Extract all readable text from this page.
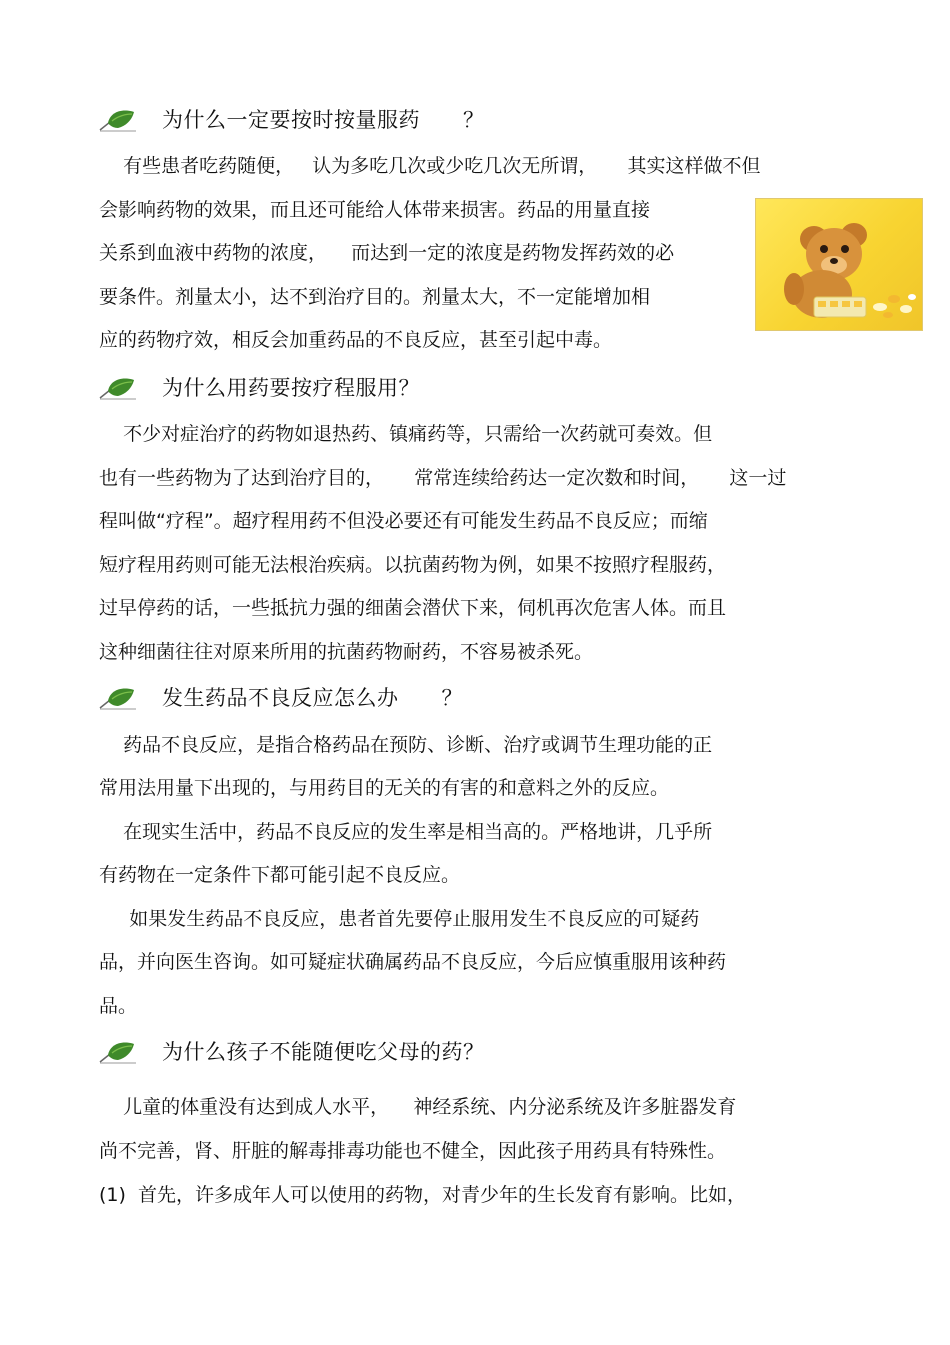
为什么一定要按时按量服药      ？
有些患者吃药随便，   认为多吃几次或少吃几次无所谓，     其实这样做不但
会影响药物的效果，而且还可能给人体带来损害。药品的用量直接
关系到血液中药物的浓度，    而达到一定的浓度是药物发挥药效的必
要条件。剂量太小，达不到治疗目的。剂量太大，不一定能增加相
应的药物疗效，相反会加重药品的不良反应，甚至引起中毒。
为什么用药要按疗程服用？
不少对症治疗的药物如退热药、镇痛药等，只需给一次药就可奏效。但
也有一些药物为了达到治疗目的，     常常连续给药达一定次数和时间，     这一过
程叫做“疗程”。超疗程用药不但没必要还有可能发生药品不良反应；而缩
短疗程用药则可能无法根治疾病。以抗菌药物为例，如果不按照疗程服药，
过早停药的话，一些抵抗力强的细菌会潜伏下来，伺机再次危害人体。而且
这种细菌往往对原来所用的抗菌药物耐药，不容易被杀死。
发生药品不良反应怎么办      ？
药品不良反应，是指合格药品在预防、诊断、治疗或调节生理功能的正
常用法用量下出现的，与用药目的无关的有害的和意料之外的反应。
在现实生活中，药品不良反应的发生率是相当高的。严格地讲，几乎所
有药物在一定条件下都可能引起不良反应。
如果发生药品不良反应，患者首先要停止服用发生不良反应的可疑药
品，并向医生咨询。如可疑症状确属药品不良反应，今后应慎重服用该种药
品。
为什么孩子不能随便吃父母的药？
儿童的体重没有达到成人水平，    神经系统、内分泌系统及许多脏器发育
尚不完善，肾、肝脏的解毒排毒功能也不健全，因此孩子用药具有特殊性。
(1)  首先，许多成年人可以使用的药物，对青少年的生长发育有影响。比如，
